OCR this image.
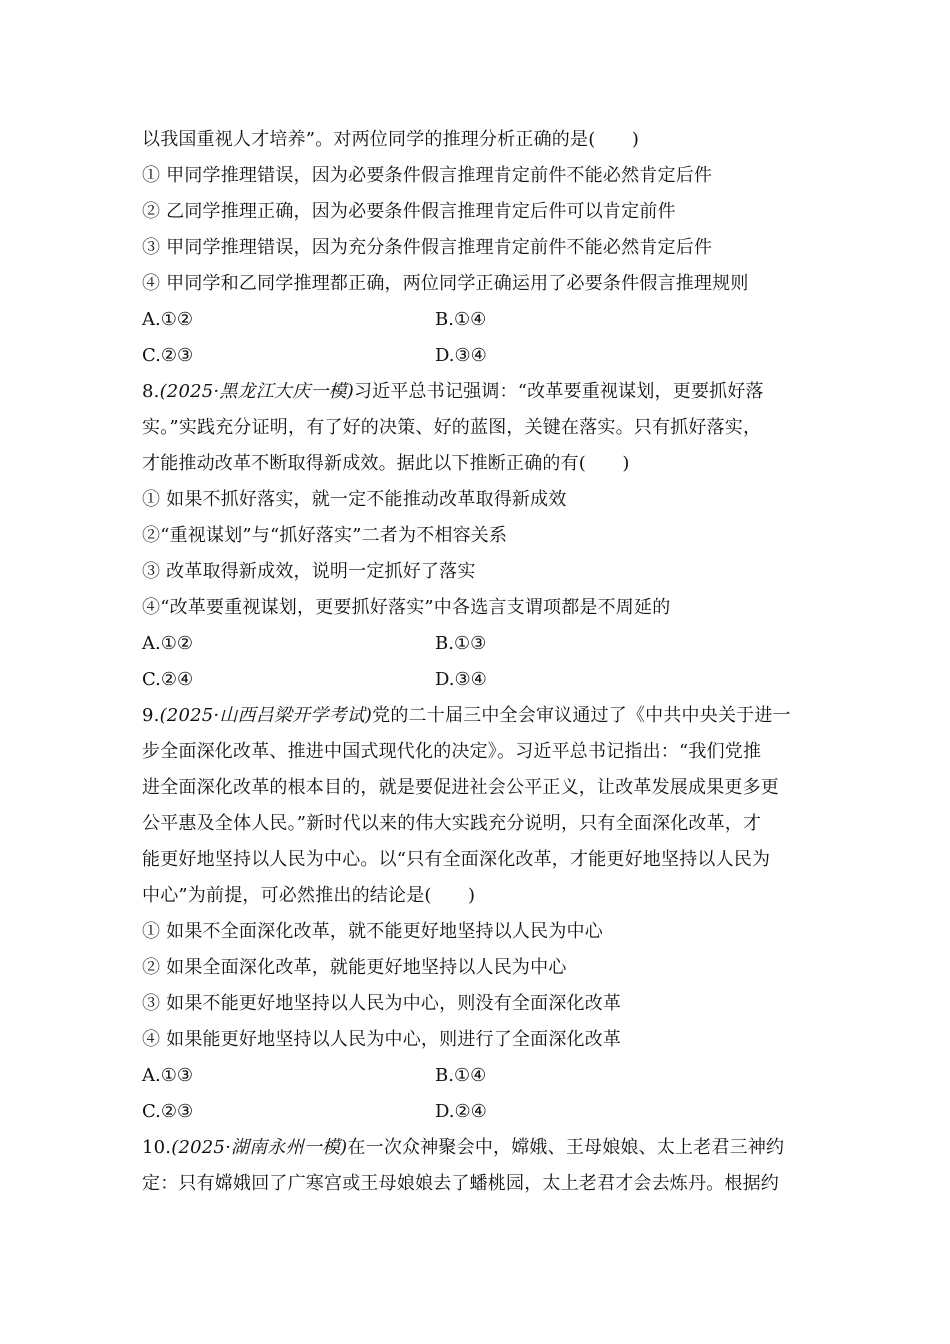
以我国重视人才培养”。对两位同学的推理分析正确的是(　　)
① 甲同学推理错误，因为必要条件假言推理肯定前件不能必然肯定后件
② 乙同学推理正确，因为必要条件假言推理肯定后件可以肯定前件
③ 甲同学推理错误，因为充分条件假言推理肯定前件不能必然肯定后件
④ 甲同学和乙同学推理都正确，两位同学正确运用了必要条件假言推理规则
A.①②	B.①④
C.②③	D.③④
8.(2025·黑龙江大庆一模)习近平总书记强调：“改革要重视谋划，更要抓好落
实。”实践充分证明，有了好的决策、好的蓝图，关键在落实。只有抓好落实，
才能推动改革不断取得新成效。据此以下推断正确的有(　　)
① 如果不抓好落实，就一定不能推动改革取得新成效
②“重视谋划”与“抓好落实”二者为不相容关系
③ 改革取得新成效，说明一定抓好了落实
④“改革要重视谋划，更要抓好落实”中各选言支谓项都是不周延的
A.①②	B.①③
C.②④	D.③④
9.(2025·山西吕梁开学考试)党的二十届三中全会审议通过了《中共中央关于进一
步全面深化改革、推进中国式现代化的决定》。习近平总书记指出：“我们党推
进全面深化改革的根本目的，就是要促进社会公平正义，让改革发展成果更多更
公平惠及全体人民。”新时代以来的伟大实践充分说明，只有全面深化改革，才
能更好地坚持以人民为中心。以“只有全面深化改革，才能更好地坚持以人民为
中心”为前提，可必然推出的结论是(　　)
① 如果不全面深化改革，就不能更好地坚持以人民为中心
② 如果全面深化改革，就能更好地坚持以人民为中心
③ 如果不能更好地坚持以人民为中心，则没有全面深化改革
④ 如果能更好地坚持以人民为中心，则进行了全面深化改革
A.①③	B.①④
C.②③	D.②④
10.(2025·湖南永州一模)在一次众神聚会中，嫦娥、王母娘娘、太上老君三神约
定：只有嫦娥回了广寒宫或王母娘娘去了蟠桃园，太上老君才会去炼丹。根据约
